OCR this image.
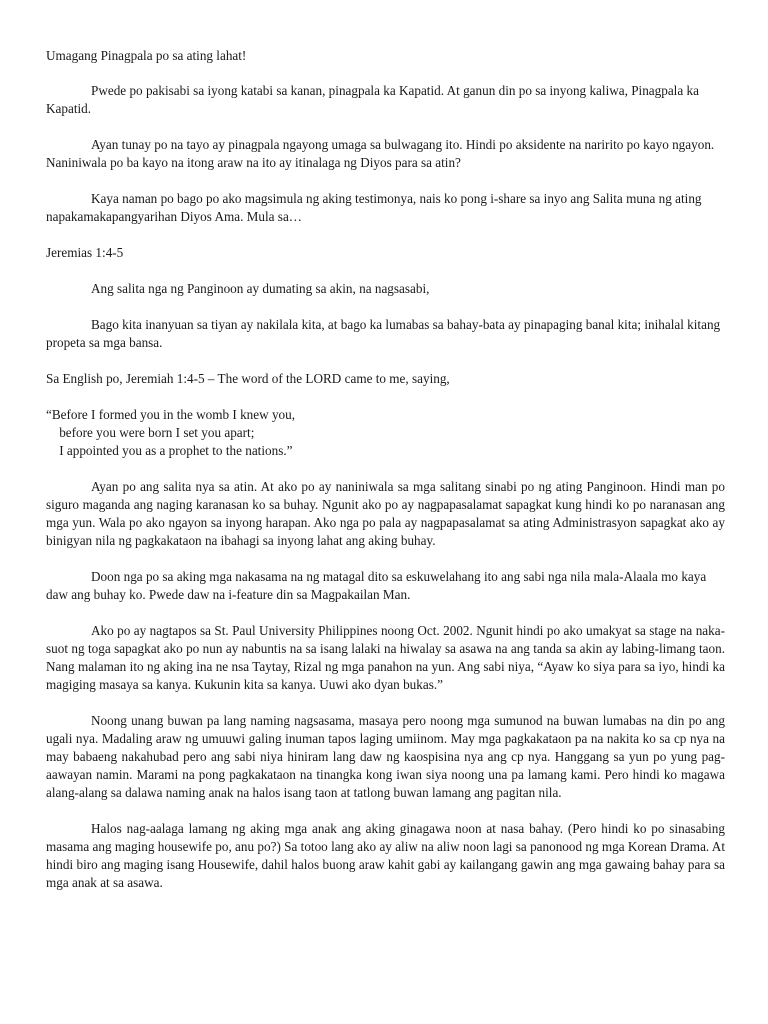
Umagang Pinagpala po sa ating lahat!

Pwede po pakisabi sa iyong katabi sa kanan, pinagpala ka Kapatid. At ganun din po sa inyong kaliwa, Pinagpala ka Kapatid.

Ayan tunay po na tayo ay pinagpala ngayong umaga sa bulwagang ito. Hindi po aksidente na naririto po kayo ngayon. Naniniwala po ba kayo na itong araw na ito ay itinalaga ng Diyos para sa atin?

Kaya naman po bago po ako magsimula ng aking testimonya, nais ko pong i-share sa inyo ang Salita muna ng ating napakamakapangyarihan Diyos Ama. Mula sa…

Jeremias 1:4-5

Ang salita nga ng Panginoon ay dumating sa akin, na nagsasabi,

Bago kita inanyuan sa tiyan ay nakilala kita, at bago ka lumabas sa bahay-bata ay pinapaging banal kita; inihalal kitang propeta sa mga bansa.

Sa English po, Jeremiah 1:4-5 – The word of the LORD came to me, saying,

“Before I formed you in the womb I knew you,
before you were born I set you apart;
I appointed you as a prophet to the nations.”

Ayan po ang salita nya sa atin. At ako po ay naniniwala sa mga salitang sinabi po ng ating Panginoon. Hindi man po siguro maganda ang naging karanasan ko sa buhay. Ngunit ako po ay nagpapasalamat sapagkat kung hindi ko po naranasan ang mga yun. Wala po ako ngayon sa inyong harapan. Ako nga po pala ay nagpapasalamat sa ating Administrasyon sapagkat ako ay binigyan nila ng pagkakataon na ibahagi sa inyong lahat ang aking buhay.

Doon nga po sa aking mga nakasama na ng matagal dito sa eskuwelahang ito ang sabi nga nila mala-Alaala mo kaya daw ang buhay ko. Pwede daw na i-feature din sa Magpakailan Man.

Ako po ay nagtapos sa St. Paul University Philippines noong Oct. 2002. Ngunit hindi po ako umakyat sa stage na naka-suot ng toga sapagkat ako po nun ay nabuntis na sa isang lalaki na hiwalay sa asawa na ang tanda sa akin ay labing-limang taon. Nang malaman ito ng aking ina ne nsa Taytay, Rizal ng mga panahon na yun. Ang sabi niya, “Ayaw ko siya para sa iyo, hindi ka magiging masaya sa kanya. Kukunin kita sa kanya. Uuwi ako dyan bukas.”

Noong unang buwan pa lang naming nagsasama, masaya pero noong mga sumunod na buwan lumabas na din po ang ugali nya. Madaling araw ng umuuwi galing inuman tapos laging umiinom. May mga pagkakataon pa na nakita ko sa cp nya na may babaeng nakahubad pero ang sabi niya hiniram lang daw ng kaospisina nya ang cp nya. Hanggang sa yun po yung pag-aawayan namin. Marami na pong pagkakataon na tinangka kong iwan siya noong una pa lamang kami. Pero hindi ko magawa alang-alang sa dalawa naming anak na halos isang taon at tatlong buwan lamang ang pagitan nila.

Halos nag-aalaga lamang ng aking mga anak ang aking ginagawa noon at nasa bahay. (Pero hindi ko po sinasabing masama ang maging housewife po, anu po?) Sa totoo lang ako ay aliw na aliw noon lagi sa panonood ng mga Korean Drama. At hindi biro ang maging isang Housewife, dahil halos buong araw kahit gabi ay kailangang gawin ang mga gawaing bahay para sa mga anak at sa asawa.
